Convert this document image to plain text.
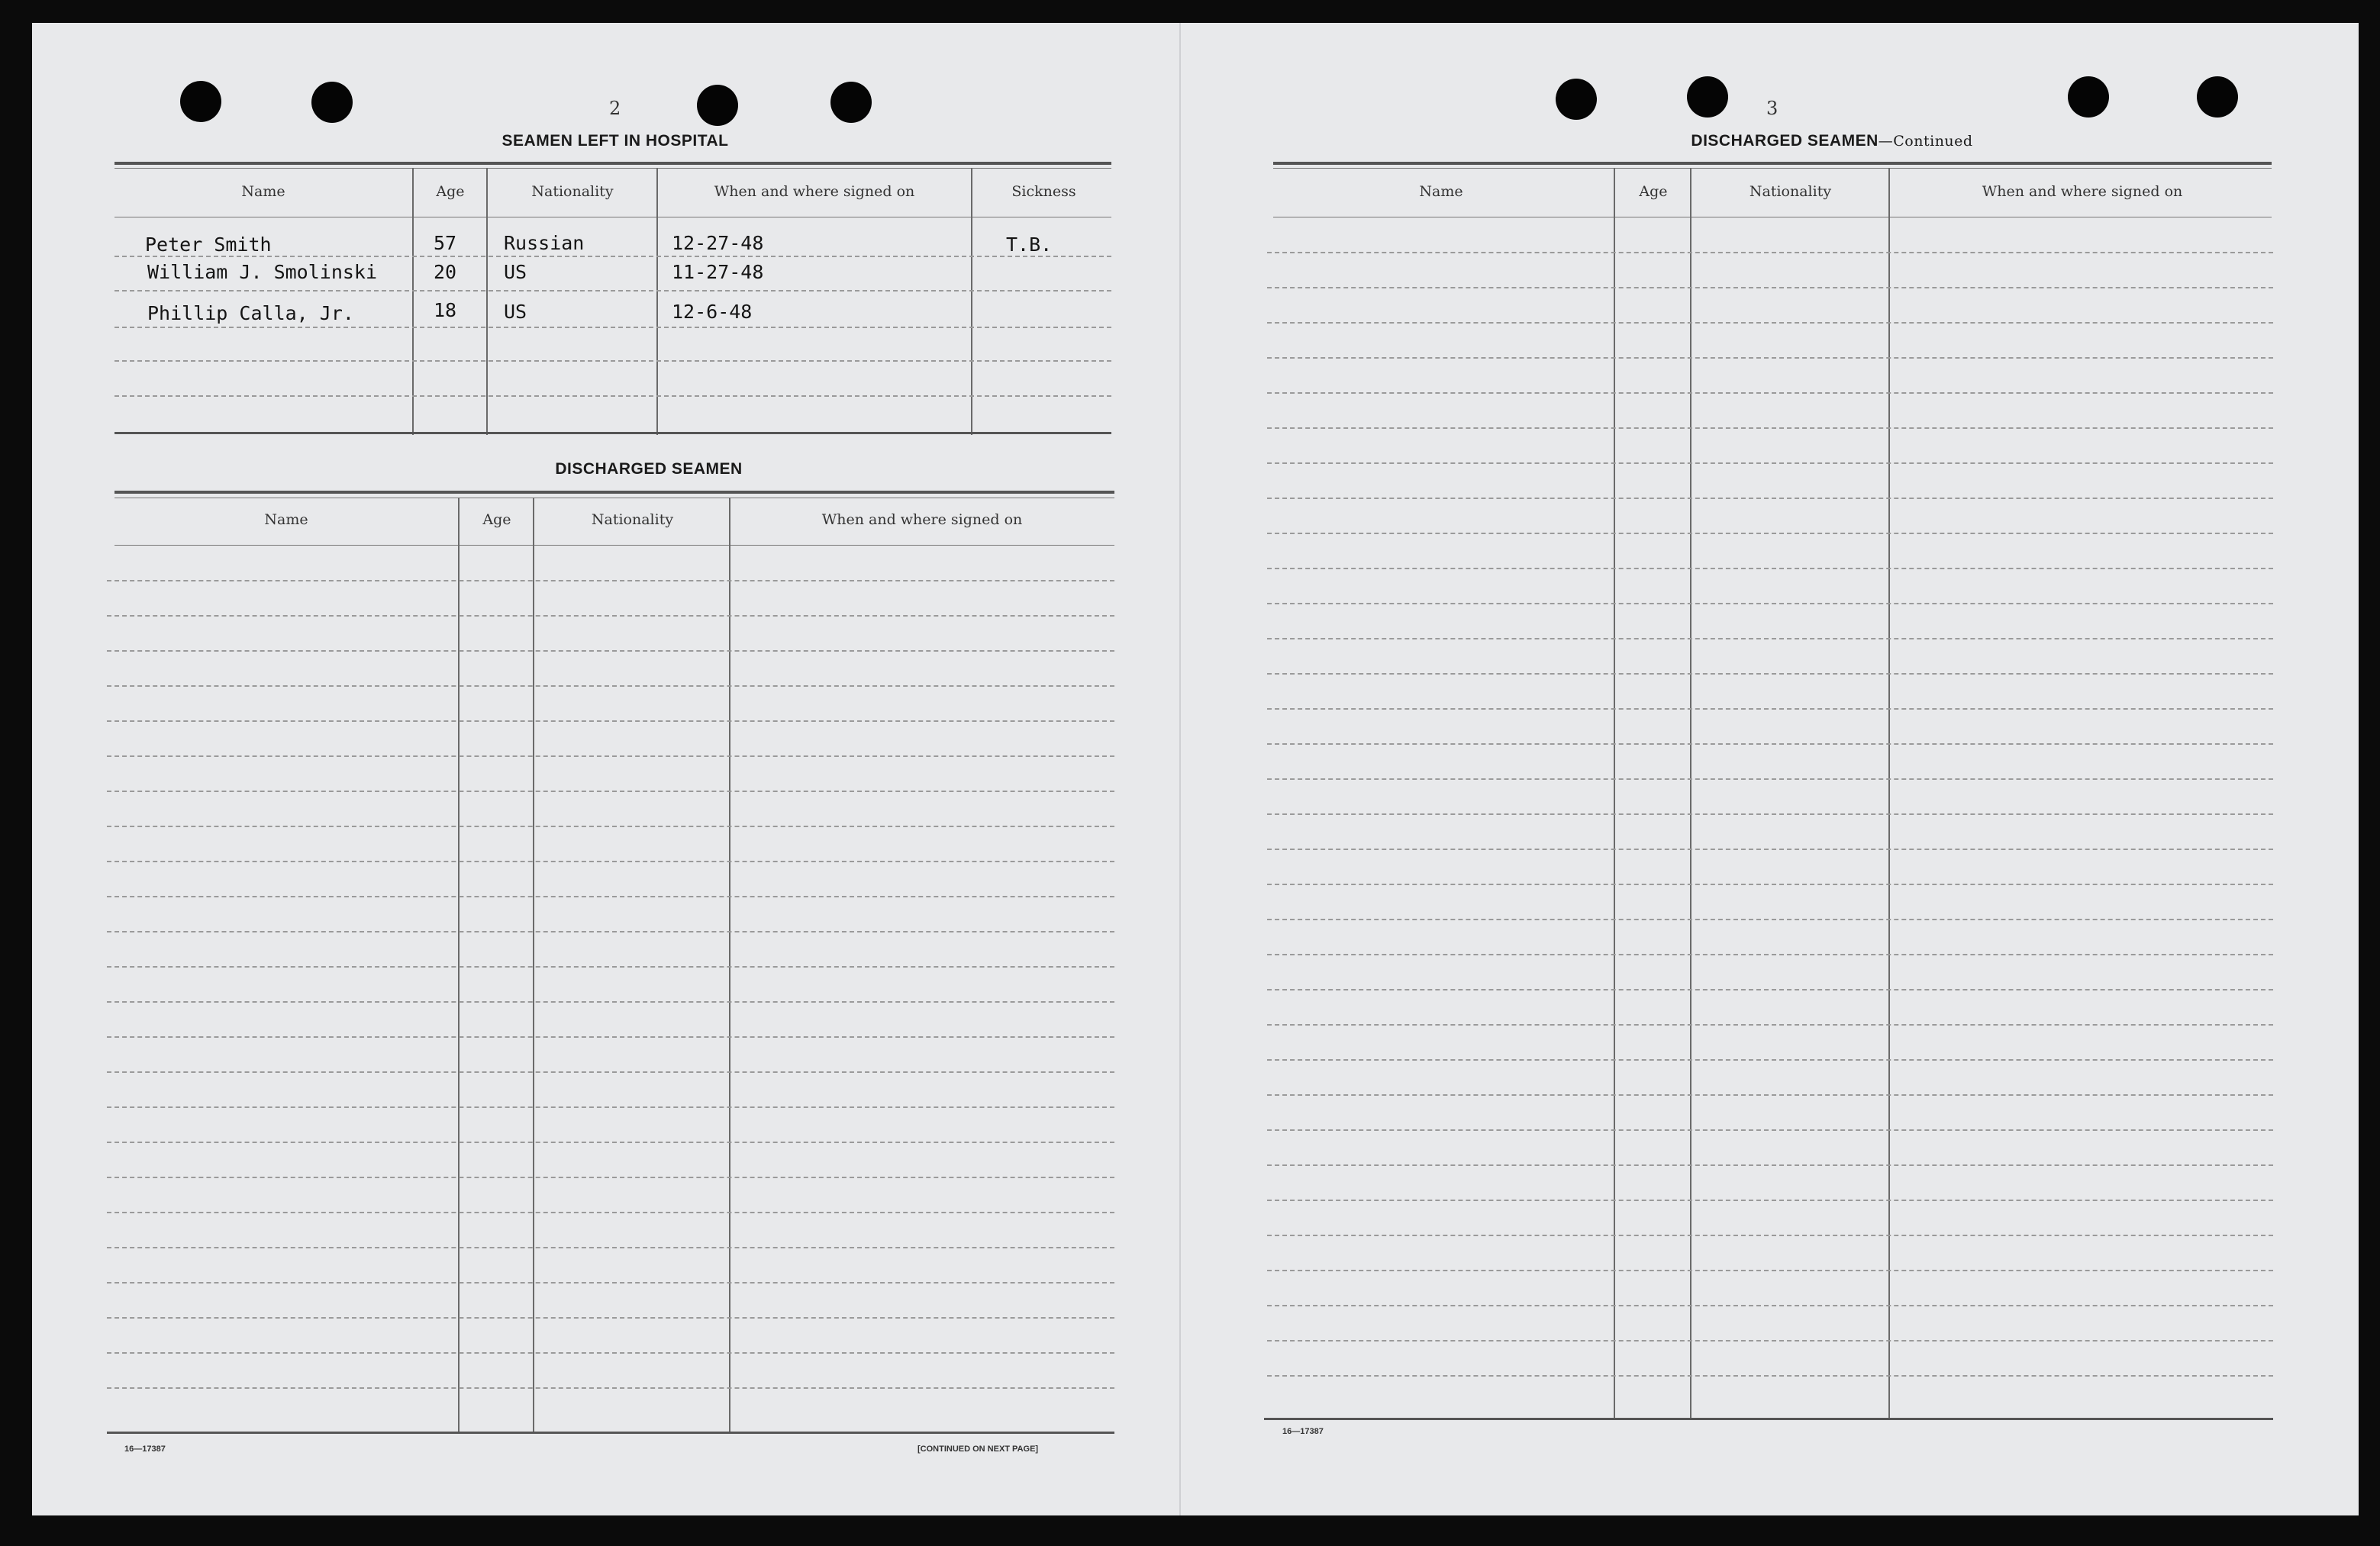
2
SEAMEN LEFT IN HOSPITAL
Name	Age	Nationality	When and where signed on	Sickness
Peter Smith	57 Russian	12-27-48	T.B.
William J. Smolinski	20 US	11-27-48
Phillip Calla, Jr.	18 US	12-6-48
DISCHARGED SEAMEN
Name	Age	Nationality	When and where signed on
16—17387	[CONTINUED ON NEXT PAGE]
3
DISCHARGED SEAMEN—Continued
Name	Age	Nationality	When and where signed on
16—17387
